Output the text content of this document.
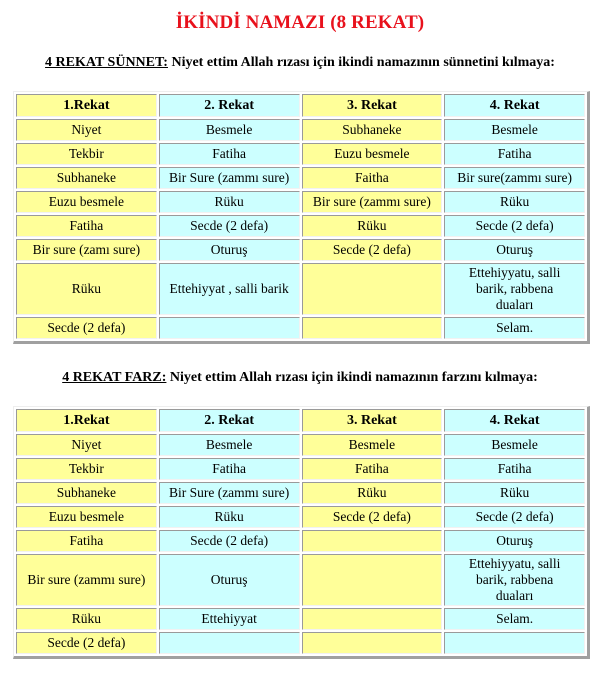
İKİNDİ NAMAZI (8 REKAT)
4 REKAT SÜNNET: Niyet ettim Allah rızası için ikindi namazının sünnetini kılmaya:
1.Rekat	2. Rekat	3. Rekat	4. Rekat
Niyet	Besmele	Subhaneke	Besmele
Tekbir	Fatiha	Euzu besmele	Fatiha
Subhaneke	Bir Sure (zammı sure)	Faitha	Bir sure(zammı sure)
Euzu besmele	Rüku	Bir sure (zammı sure)	Rüku
Fatiha	Secde (2 defa)	Rüku	Secde (2 defa)
Bir sure (zamı sure)	Oturuş	Secde (2 defa)	Oturuş
Rüku	Ettehiyyat , salli barik		Ettehiyyatu, salli barik, rabbena duaları
Secde (2 defa)			Selam.
4 REKAT FARZ: Niyet ettim Allah rızası için ikindi namazının farzını kılmaya:
1.Rekat	2. Rekat	3. Rekat	4. Rekat
Niyet	Besmele	Besmele	Besmele
Tekbir	Fatiha	Fatiha	Fatiha
Subhaneke	Bir Sure (zammı sure)	Rüku	Rüku
Euzu besmele	Rüku	Secde (2 defa)	Secde (2 defa)
Fatiha	Secde (2 defa)		Oturuş
Bir sure (zammı sure)	Oturuş		Ettehiyyatu, salli barik, rabbena duaları
Rüku	Ettehiyyat		Selam.
Secde (2 defa)			
